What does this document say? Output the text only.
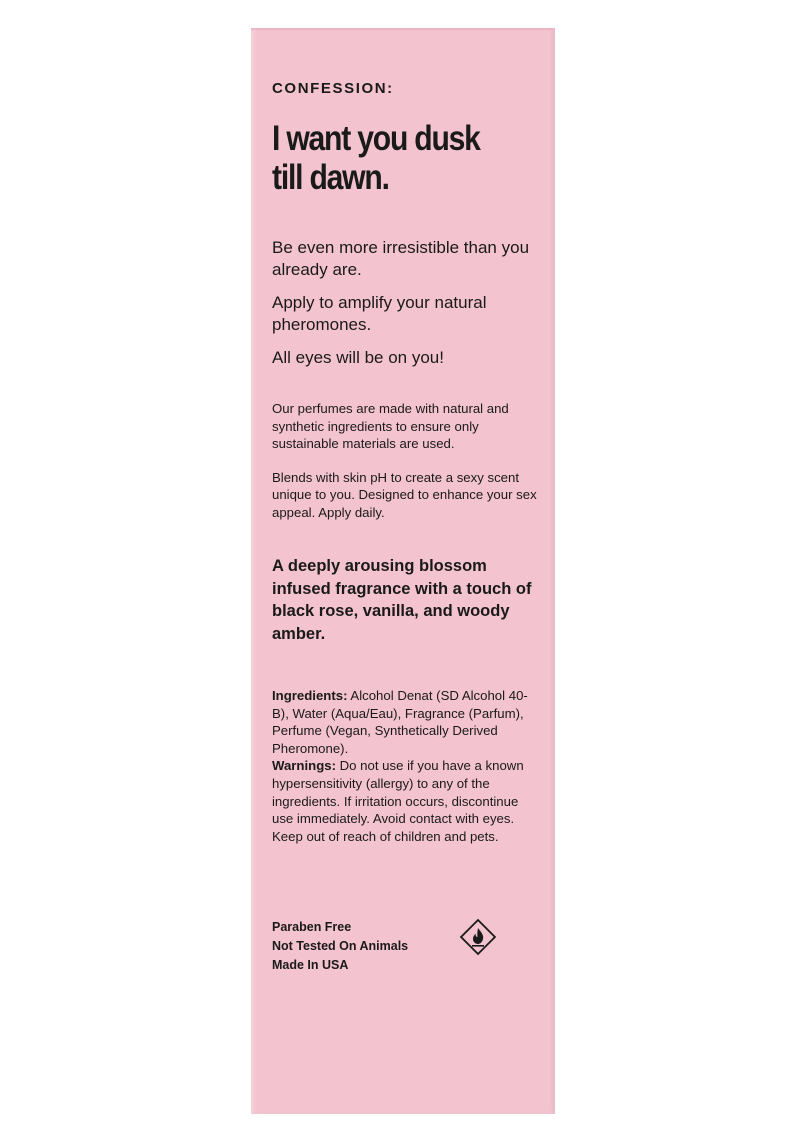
CONFESSION:

I want you dusk
till dawn.

Be even more irresistible than you already are.

Apply to amplify your natural pheromones.

All eyes will be on you!

Our perfumes are made with natural and synthetic ingredients to ensure only sustainable materials are used.

Blends with skin pH to create a sexy scent unique to you. Designed to enhance your sex appeal. Apply daily.

A deeply arousing blossom infused fragrance with a touch of black rose, vanilla, and woody amber.

Ingredients: Alcohol Denat (SD Alcohol 40-B), Water (Aqua/Eau), Fragrance (Parfum), Perfume (Vegan, Synthetically Derived Pheromone).

Warnings: Do not use if you have a known hypersensitivity (allergy) to any of the ingredients. If irritation occurs, discontinue use immediately. Avoid contact with eyes. Keep out of reach of children and pets.

Paraben Free
Not Tested On Animals
Made In USA
